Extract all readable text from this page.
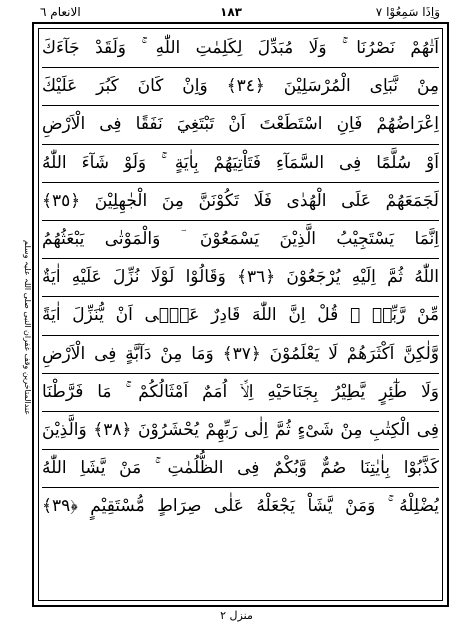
وَاِذَا سَمِعُوْا ٧
١٨٣
الانعام ٦
عندالمتاخرین وقف غفران النبی صلی اللہ علیہ وسلم
اَتٰهُمْ نَصْرُنَا ۚ وَلَا مُبَدِّلَ لِكَلِمٰتِ اللّٰهِ ۚ وَلَقَدْ جَآءَكَ
مِنْ نَّبَاِى الْمُرْسَلِيْنَ ﴿٣٤﴾ وَاِنْ كَانَ كَبُرَ عَلَيْكَ
اِعْرَاضُهُمْ فَاِنِ اسْتَطَعْتَ اَنْ تَبْتَغِيَ نَفَقًا فِى الْاَرْضِ
اَوْ سُلَّمًا فِى السَّمَآءِ فَتَاْتِيَهُمْ بِاٰيَةٍ ۚ وَلَوْ شَآءَ اللّٰهُ
لَجَمَعَهُمْ عَلَى الْهُدٰى فَلَا تَكُوْنَنَّ مِنَ الْجٰهِلِيْنَ ﴿٣٥﴾
اِنَّمَا يَسْتَجِيْبُ الَّذِيْنَ يَسْمَعُوْنَ ؔ وَالْمَوْتٰى يَبْعَثُهُمُ
اللّٰهُ ثُمَّ اِلَيْهِ يُرْجَعُوْنَ ﴿٣٦﴾ وَقَالُوْا لَوْلَا نُزِّلَ عَلَيْهِ اٰيَةٌ
مِّنْ رَّبِّهٖ ۚ قُلْ اِنَّ اللّٰهَ قَادِرٌ عَلٰۤى اَنْ يُّنَزِّلَ اٰيَةً
وَّلٰكِنَّ اَكْثَرَهُمْ لَا يَعْلَمُوْنَ ﴿٣٧﴾ وَمَا مِنْ دَآبَّةٍ فِى الْاَرْضِ
وَلَا طٰٓئِرٍ يَّطِيْرُ بِجَنَاحَيْهِ اِلَّاۤ اُمَمٌ اَمْثَالُكُمْ ۚ مَا فَرَّطْنَا
فِى الْكِتٰبِ مِنْ شَىْءٍ ثُمَّ اِلٰى رَبِّهِمْ يُحْشَرُوْنَ ﴿٣٨﴾ وَالَّذِيْنَ
كَذَّبُوْا بِاٰيٰتِنَا صُمٌّ وَّبُكْمٌ فِى الظُّلُمٰتِ ۚ مَنْ يَّشَاِ اللّٰهُ
يُضْلِلْهُ ۚ وَمَنْ يَّشَاْ يَجْعَلْهُ عَلٰى صِرَاطٍ مُّسْتَقِيْمٍ ﴿٣٩﴾
منزل ٢
